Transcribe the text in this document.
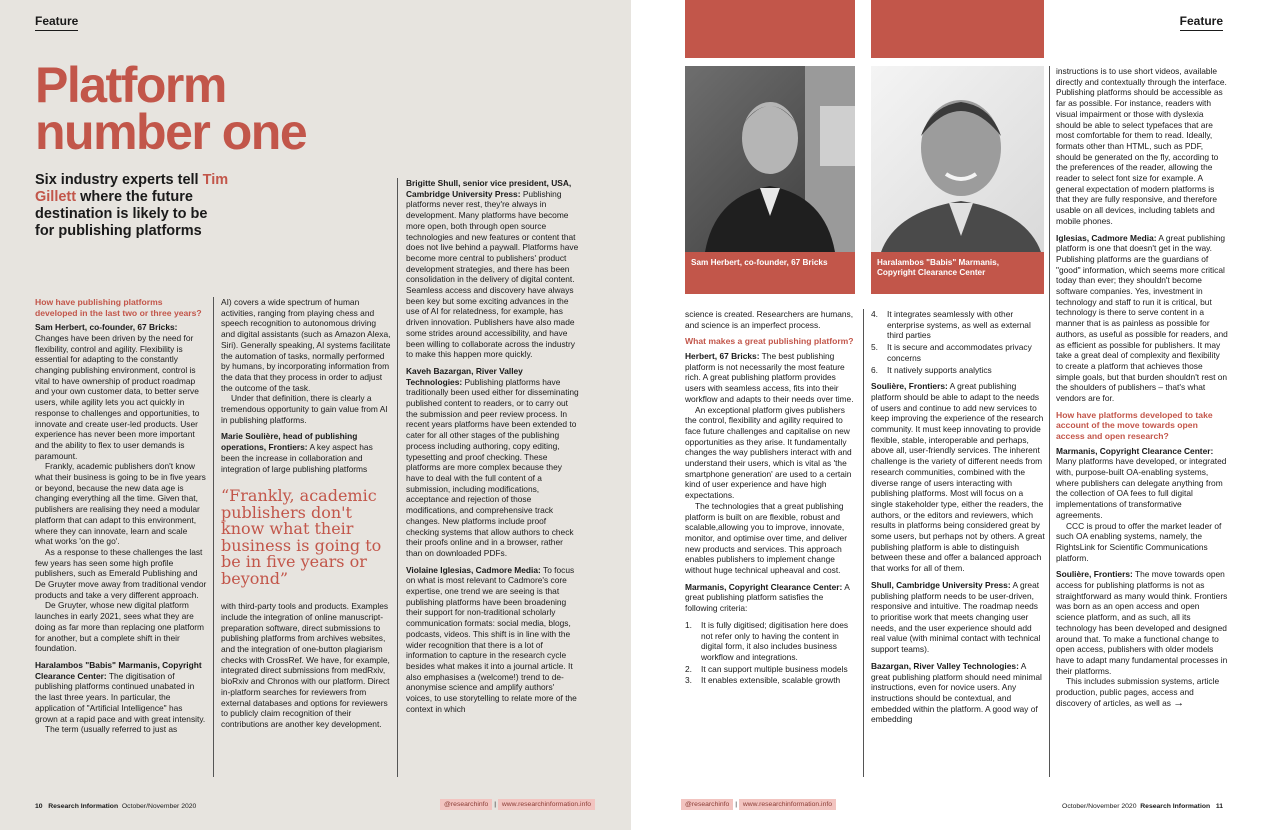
Feature
Platform
number one
Six industry experts tell Tim Gillett where the future destination is likely to be for publishing platforms

How have publishing platforms developed in the last two or three years?

Sam Herbert, co-founder, 67 Bricks: Changes have been driven by the need for flexibility, control and agility. Flexibility is essential for adapting to the constantly changing publishing environment, control is vital to have ownership of product roadmap and your own customer data, to better serve users, while agility lets you act quickly in response to challenges and opportunities, to innovate and create user-led products. User experience has never been more important and the ability to flex to user demands is paramount.

Frankly, academic publishers don't know what their business is going to be in five years or beyond, because the new data age is changing everything all the time. Given that, publishers are realising they need a modular platform that can adapt to this environment, where they can innovate, learn and scale what works 'on the go'.

As a response to these challenges the last few years has seen some high profile publishers, such as Emerald Publishing and De Gruyter move away from traditional vendor products and take a very different approach.

De Gruyter, whose new digital platform launches in early 2021, sees what they are doing as far more than replacing one platform for another, but a complete shift in their foundation.

Haralambos "Babis" Marmanis, Copyright Clearance Center: The digitisation of publishing platforms continued unabated in the last three years. In particular, the application of "Artificial Intelligence" has grown at a rapid pace and with great intensity.

The term (usually referred to just as

AI) covers a wide spectrum of human activities, ranging from playing chess and speech recognition to autonomous driving and digital assistants (such as Amazon Alexa, Siri). Generally speaking, AI systems facilitate the automation of tasks, normally performed by humans, by incorporating information from the data that they process in order to adjust the outcome of the task.

Under that definition, there is clearly a tremendous opportunity to gain value from AI in publishing platforms.

Marie Soulière, head of publishing operations, Frontiers: A key aspect has been the increase in collaboration and integration of large publishing platforms

“Frankly, academic publishers don't know what their business is going to be in five years or beyond”

with third-party tools and products. Examples include the integration of online manuscript-preparation software, direct submissions to publishing platforms from archives websites, and the integration of one-button plagiarism checks with CrossRef. We have, for example, integrated direct submissions from medRxiv, bioRxiv and Chronos with our platform. Direct in-platform searches for reviewers from external databases and options for reviewers to publicly claim recognition of their contributions are another key development.

Brigitte Shull, senior vice president, USA, Cambridge University Press: Publishing platforms never rest, they're always in development. Many platforms have become more open, both through open source technologies and new features or content that does not live behind a paywall. Platforms have become more central to publishers' product development strategies, and there has been consolidation in the delivery of digital content. Seamless access and discovery have always been key but some exciting advances in the use of AI for relatedness, for example, has driven innovation. Publishers have also made some strides around accessibility, and have been willing to collaborate across the industry to make this happen more quickly.

Kaveh Bazargan, River Valley Technologies: Publishing platforms have traditionally been used either for disseminating published content to readers, or to carry out the submission and peer review process. In recent years platforms have been extended to cater for all other stages of the publishing process including authoring, copy editing, typesetting and proof checking. These platforms are more complex because they have to deal with the full content of a submission, including modifications, acceptance and rejection of those modifications, and comprehensive track changes. New platforms include proof checking systems that allow authors to check their proofs online and in a browser, rather than on downloaded PDFs.

Violaine Iglesias, Cadmore Media: To focus on what is most relevant to Cadmore's core expertise, one trend we are seeing is that publishing platforms have been broadening their support for non-traditional scholarly communication formats: social media, blogs, podcasts, videos. This shift is in line with the wider recognition that there is a lot of information to capture in the research cycle besides what makes it into a journal article. It also emphasises a (welcome!) trend to de-anonymise science and amplify authors' voices, to use storytelling to relate more of the context in which

10 Research Information October/November 2020	@researchinfo | www.researchinformation.info
Feature
Sam Herbert, co-founder, 67 Bricks	Haralambos "Babis" Marmanis, Copyright Clearance Center

science is created. Researchers are humans, and science is an imperfect process.

What makes a great publishing platform?

Herbert, 67 Bricks: The best publishing platform is not necessarily the most feature rich. A great publishing platform provides users with seamless access, fits into their workflow and adapts to their needs over time.

An exceptional platform gives publishers the control, flexibility and agility required to face future challenges and capitalise on new opportunities as they arise. It fundamentally changes the way publishers interact with and understand their users, which is vital as 'the smartphone generation' are used to a certain kind of user experience and have high expectations.

The technologies that a great publishing platform is built on are flexible, robust and scalable,allowing you to improve, innovate, monitor, and optimise over time, and deliver new products and services. This approach enables publishers to implement change without huge technical upheaval and cost.

Marmanis, Copyright Clearance Center: A great publishing platform satisfies the following criteria:

1.	It is fully digitised; digitisation here does not refer only to having the content in digital form, it also includes business workflow and integrations.
2.	It can support multiple business models
3.	It enables extensible, scalable growth
4.	It integrates seamlessly with other enterprise systems, as well as external third parties
5.	It is secure and accommodates privacy concerns
6.	It natively supports analytics

Soulière, Frontiers: A great publishing platform should be able to adapt to the needs of users and continue to add new services to keep improving the experience of the research community. It must keep innovating to provide flexible, stable, interoperable and perhaps, above all, user-friendly services. The inherent challenge is the variety of different needs from research communities, combined with the diverse range of users interacting with publishing platforms. Most will focus on a single stakeholder type, either the readers, the authors, or the editors and reviewers, which results in platforms being considered great by some users, but perhaps not by others. A great publishing platform is able to distinguish between these and offer a balanced approach that works for all of them.

Shull, Cambridge University Press: A great publishing platform needs to be user-driven, responsive and intuitive. The roadmap needs to prioritise work that meets changing user needs, and the user experience should add real value (with minimal contact with technical support teams).

Bazargan, River Valley Technologies: A great publishing platform should need minimal instructions, even for novice users. Any instructions should be contextual, and embedded within the platform. A good way of embedding

instructions is to use short videos, available directly and contextually through the interface. Publishing platforms should be accessible as far as possible. For instance, readers with visual impairment or those with dyslexia should be able to select typefaces that are most comfortable for them to read. Ideally, formats other than HTML, such as PDF, should be generated on the fly, according to the preferences of the reader, allowing the reader to select font size for example. A general expectation of modern platforms is that they are fully responsive, and therefore usable on all devices, including tablets and mobile phones.

Iglesias, Cadmore Media: A great publishing platform is one that doesn't get in the way. Publishing platforms are the guardians of "good" information, which seems more critical today than ever; they shouldn't become software companies. Yes, investment in technology and staff to run it is critical, but technology is there to serve content in a manner that is as painless as possible for authors, as useful as possible for readers, and as efficient as possible for publishers. It may take a great deal of complexity and flexibility to create a platform that achieves those simple goals, but that burden shouldn't rest on the shoulders of publishers – that's what vendors are for.

How have platforms developed to take account of the move towards open access and open research?

Marmanis, Copyright Clearance Center: Many platforms have developed, or integrated with, purpose-built OA-enabling systems, where publishers can delegate anything from the collection of OA fees to full digital implementations of transformative agreements.

CCC is proud to offer the market leader of such OA enabling systems, namely, the RightsLink for Scientific Communications platform.

Soulière, Frontiers: The move towards open access for publishing platforms is not as straightforward as many would think. Frontiers was born as an open access and open science platform, and as such, all its technology has been developed and designed around that. To make a functional change to open access, publishers with older models have to adapt many fundamental processes in their platforms.

This includes submission systems, article production, public pages, access and discovery of articles, as well as →

@researchinfo | www.researchinformation.info	October/November 2020 Research Information 11
